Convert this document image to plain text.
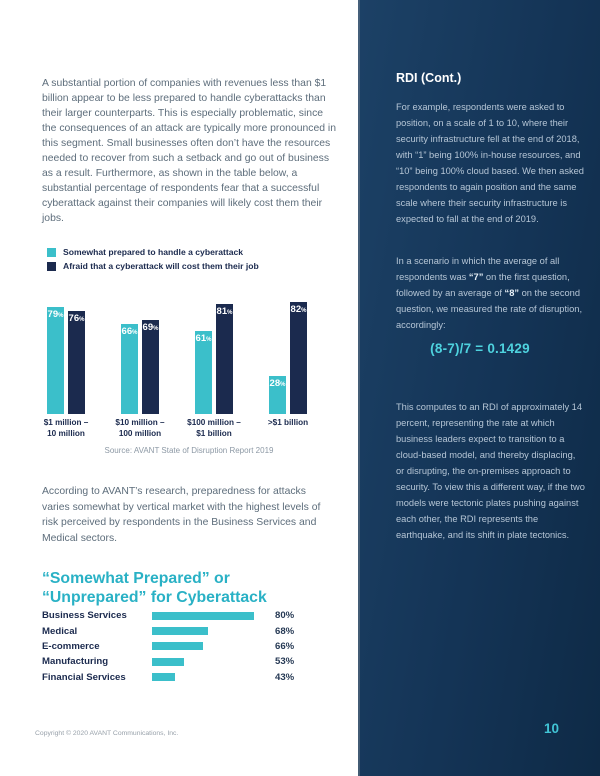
A substantial portion of companies with revenues less than $1 billion appear to be less prepared to handle cyberattacks than their larger counterparts. This is especially problematic, since the consequences of an attack are typically more pronounced in this segment. Small businesses often don’t have the resources needed to recover from such a setback and go out of business as a result. Furthermore, as shown in the table below, a substantial percentage of respondents fear that a successful cyberattack against their companies will likely cost them their jobs.

Somewhat prepared to handle a cyberattack
Afraid that a cyberattack will cost them their job
79% 76%
66% 69%
61%
81%
28%
82%
$1 million –
10 million
$10 million –
100 million
$100 million –
$1 billion
>$1 billion
Source: AVANT State of Disruption Report 2019

According to AVANT’s research, preparedness for attacks varies somewhat by vertical market with the highest levels of risk perceived by respondents in the Business Services and Medical sectors.

“Somewhat Prepared” or
“Unprepared” for Cyberattack
Business Services	80%
Medical	68%
E-commerce	66%
Manufacturing	53%
Financial Services	43%
Copyright © 2020 AVANT Communications, Inc.
RDI (Cont.)

For example, respondents were asked to position, on a scale of 1 to 10, where their security infrastructure fell at the end of 2018, with “1” being 100% in-house resources, and “10” being 100% cloud based. We then asked respondents to again position and the same scale where their security infrastructure is expected to fall at the end of 2019.

In a scenario in which the average of all respondents was “7” on the first question, followed by an average of “8” on the second question, we measured the rate of disruption, accordingly:

(8-7)/7 = 0.1429

This computes to an RDI of approximately 14 percent, representing the rate at which business leaders expect to transition to a cloud-based model, and thereby displacing, or disrupting, the on-premises approach to security. To view this a different way, if the two models were tectonic plates pushing against each other, the RDI represents the earthquake, and its shift in plate tectonics.

10
